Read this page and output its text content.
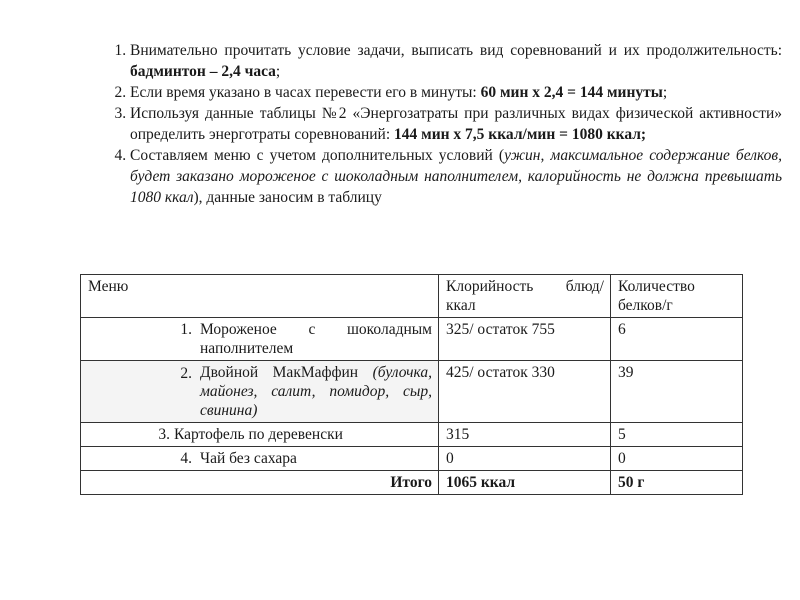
1. Внимательно прочитать условие задачи, выписать вид соревнований и их продолжительность: бадминтон – 2,4 часа;
2. Если время указано в часах перевести его в минуты: 60 мин х 2,4 = 144 минуты;
3. Используя данные таблицы №2 «Энергозатраты при различных видах физической активности» определить энерготраты соревнований: 144 мин х 7,5 ккал/мин = 1080 ккал;
4. Составляем меню с учетом дополнительных условий (ужин, максимальное содержание белков, будет заказано мороженое с шоколадным наполнителем, калорийность не должна превышать 1080 ккал), данные заносим в таблицу
Меню	Клорийность блюд/ ккал	Количество белков/г

1. Мороженое с шоколадным наполнителем	325/ остаток 755	6

2. Двойной МакМаффин (булочка, майонез, салит, помидор, сыр, свинина)	425/ остаток 330	39

3. Картофель по деревенски	315	5

4. Чай без сахара	0	0
Итого	1065 ккал	50 г
